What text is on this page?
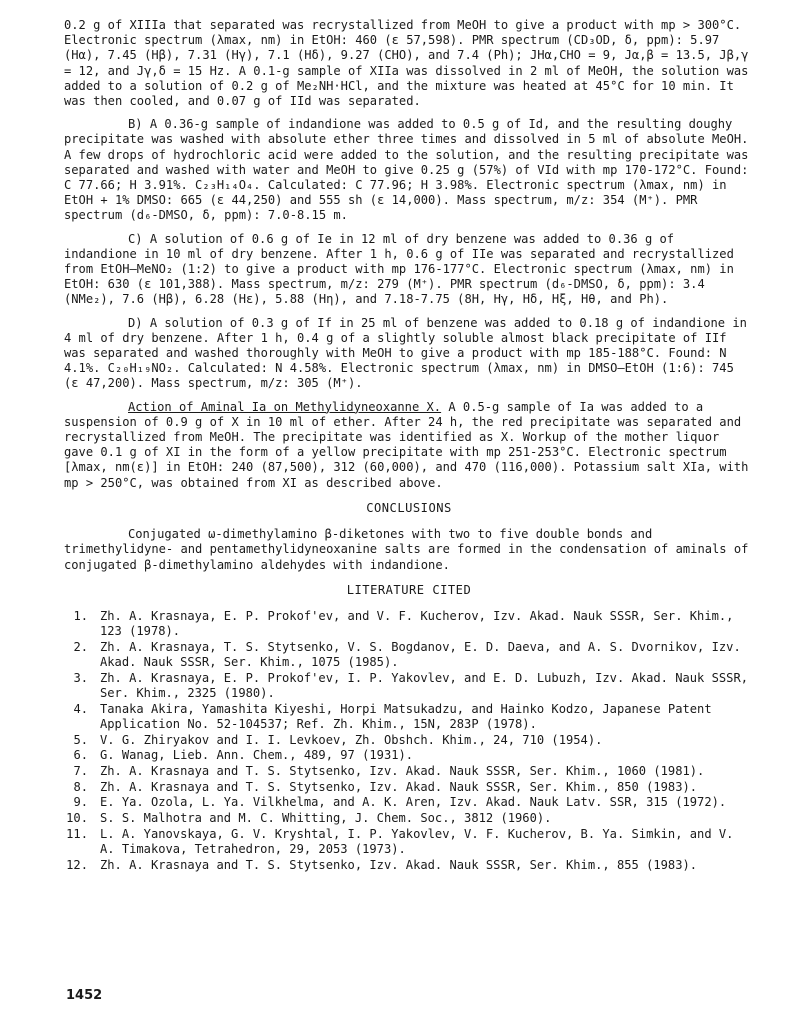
0.2 g of XIIIa that separated was recrystallized from MeOH to give a product with mp > 300°C. Electronic spectrum (λmax, nm) in EtOH: 460 (ε 57,598). PMR spectrum (CD₃OD, δ, ppm): 5.97 (Hα), 7.45 (Hβ), 7.31 (Hγ), 7.1 (Hδ), 9.27 (CHO), and 7.4 (Ph); JHα,CHO = 9, Jα,β = 13.5, Jβ,γ = 12, and Jγ,δ = 15 Hz. A 0.1-g sample of XIIa was dissolved in 2 ml of MeOH, the solution was added to a solution of 0.2 g of Me₂NH·HCl, and the mixture was heated at 45°C for 10 min. It was then cooled, and 0.07 g of IId was separated.

B) A 0.36-g sample of indandione was added to 0.5 g of Id, and the resulting doughy precipitate was washed with absolute ether three times and dissolved in 5 ml of absolute MeOH. A few drops of hydrochloric acid were added to the solution, and the resulting precipitate was separated and washed with water and MeOH to give 0.25 g (57%) of VId with mp 170-172°C. Found: C 77.66; H 3.91%. C₂₃H₁₄O₄. Calculated: C 77.96; H 3.98%. Electronic spectrum (λmax, nm) in EtOH + 1% DMSO: 665 (ε 44,250) and 555 sh (ε 14,000). Mass spectrum, m/z: 354 (M⁺). PMR spectrum (d₆-DMSO, δ, ppm): 7.0-8.15 m.

C) A solution of 0.6 g of Ie in 12 ml of dry benzene was added to 0.36 g of indandione in 10 ml of dry benzene. After 1 h, 0.6 g of IIe was separated and recrystallized from EtOH–MeNO₂ (1:2) to give a product with mp 176-177°C. Electronic spectrum (λmax, nm) in EtOH: 630 (ε 101,388). Mass spectrum, m/z: 279 (M⁺). PMR spectrum (d₆-DMSO, δ, ppm): 3.4 (NMe₂), 7.6 (Hβ), 6.28 (Hε), 5.88 (Hη), and 7.18-7.75 (8H, Hγ, Hδ, Hξ, Hθ, and Ph).

D) A solution of 0.3 g of If in 25 ml of benzene was added to 0.18 g of indandione in 4 ml of dry benzene. After 1 h, 0.4 g of a slightly soluble almost black precipitate of IIf was separated and washed thoroughly with MeOH to give a product with mp 185-188°C. Found: N 4.1%. C₂₀H₁₉NO₂. Calculated: N 4.58%. Electronic spectrum (λmax, nm) in DMSO–EtOH (1:6): 745 (ε 47,200). Mass spectrum, m/z: 305 (M⁺).

Action of Aminal Ia on Methylidyneoxanne X. A 0.5-g sample of Ia was added to a suspension of 0.9 g of X in 10 ml of ether. After 24 h, the red precipitate was separated and recrystallized from MeOH. The precipitate was identified as X. Workup of the mother liquor gave 0.1 g of XI in the form of a yellow precipitate with mp 251-253°C. Electronic spectrum [λmax, nm(ε)] in EtOH: 240 (87,500), 312 (60,000), and 470 (116,000). Potassium salt XIa, with mp > 250°C, was obtained from XI as described above.

CONCLUSIONS

Conjugated ω-dimethylamino β-diketones with two to five double bonds and trimethylidyne- and pentamethylidyneoxanine salts are formed in the condensation of aminals of conjugated β-dimethylamino aldehydes with indandione.

LITERATURE CITED

1. Zh. A. Krasnaya, E. P. Prokof'ev, and V. F. Kucherov, Izv. Akad. Nauk SSSR, Ser. Khim., 123 (1978).
2. Zh. A. Krasnaya, T. S. Stytsenko, V. S. Bogdanov, E. D. Daeva, and A. S. Dvornikov, Izv. Akad. Nauk SSSR, Ser. Khim., 1075 (1985).
3. Zh. A. Krasnaya, E. P. Prokof'ev, I. P. Yakovlev, and E. D. Lubuzh, Izv. Akad. Nauk SSSR, Ser. Khim., 2325 (1980).
4. Tanaka Akira, Yamashita Kiyeshi, Horpi Matsukadzu, and Hainko Kodzo, Japanese Patent Application No. 52-104537; Ref. Zh. Khim., 15N, 283P (1978).
5. V. G. Zhiryakov and I. I. Levkoev, Zh. Obshch. Khim., 24, 710 (1954).
6. G. Wanag, Lieb. Ann. Chem., 489, 97 (1931).
7. Zh. A. Krasnaya and T. S. Stytsenko, Izv. Akad. Nauk SSSR, Ser. Khim., 1060 (1981).
8. Zh. A. Krasnaya and T. S. Stytsenko, Izv. Akad. Nauk SSSR, Ser. Khim., 850 (1983).
9. E. Ya. Ozola, L. Ya. Vilkhelma, and A. K. Aren, Izv. Akad. Nauk Latv. SSR, 315 (1972).
10. S. S. Malhotra and M. C. Whitting, J. Chem. Soc., 3812 (1960).
11. L. A. Yanovskaya, G. V. Kryshtal, I. P. Yakovlev, V. F. Kucherov, B. Ya. Simkin, and V. A. Timakova, Tetrahedron, 29, 2053 (1973).
12. Zh. A. Krasnaya and T. S. Stytsenko, Izv. Akad. Nauk SSSR, Ser. Khim., 855 (1983).
1452
